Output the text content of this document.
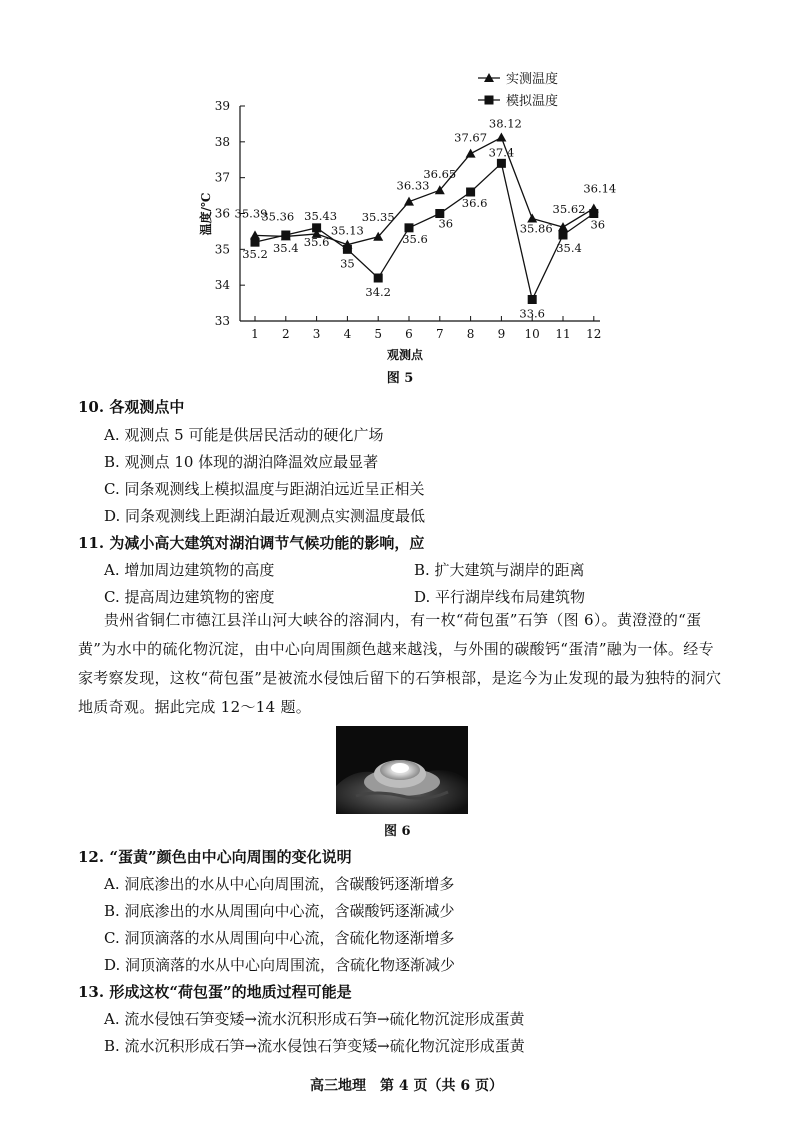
33
34
35
36
37
38
39
1 2 3 4 5 6 7 8 9 10 11 12
观测点
温度/℃
图 5
35.39
35.36 35.43
35.13
35.35
36.33
36.65
37.67
38.12
35.86
35.62
36.14
35.2 35.4 35.6
35
34.2
35.6
36
36.6
37.4
33.6
35.4
36
实测温度
模拟温度
10. 各观测点中
A. 观测点 5 可能是供居民活动的硬化广场
B. 观测点 10 体现的湖泊降温效应最显著
C. 同条观测线上模拟温度与距湖泊远近呈正相关
D. 同条观测线上距湖泊最近观测点实测温度最低
11. 为减小高大建筑对湖泊调节气候功能的影响，应
A. 增加周边建筑物的高度	B. 扩大建筑与湖岸的距离
C. 提高周边建筑物的密度	D. 平行湖岸线布局建筑物
贵州省铜仁市德江县洋山河大峡谷的溶洞内，有一枚“荷包蛋”石笋（图 6）。黄澄澄的“蛋
黄”为水中的硫化物沉淀，由中心向周围颜色越来越浅，与外围的碳酸钙“蛋清”融为一体。经专
家考察发现，这枚“荷包蛋”是被流水侵蚀后留下的石笋根部，是迄今为止发现的最为独特的洞穴
地质奇观。据此完成 12～14 题。
图 6
12. “蛋黄”颜色由中心向周围的变化说明
A. 洞底渗出的水从中心向周围流，含碳酸钙逐渐增多
B. 洞底渗出的水从周围向中心流，含碳酸钙逐渐减少
C. 洞顶滴落的水从周围向中心流，含硫化物逐渐增多
D. 洞顶滴落的水从中心向周围流，含硫化物逐渐减少
13. 形成这枚“荷包蛋”的地质过程可能是
A. 流水侵蚀石笋变矮→流水沉积形成石笋→硫化物沉淀形成蛋黄
B. 流水沉积形成石笋→流水侵蚀石笋变矮→硫化物沉淀形成蛋黄
高三地理　第 4 页（共 6 页）
